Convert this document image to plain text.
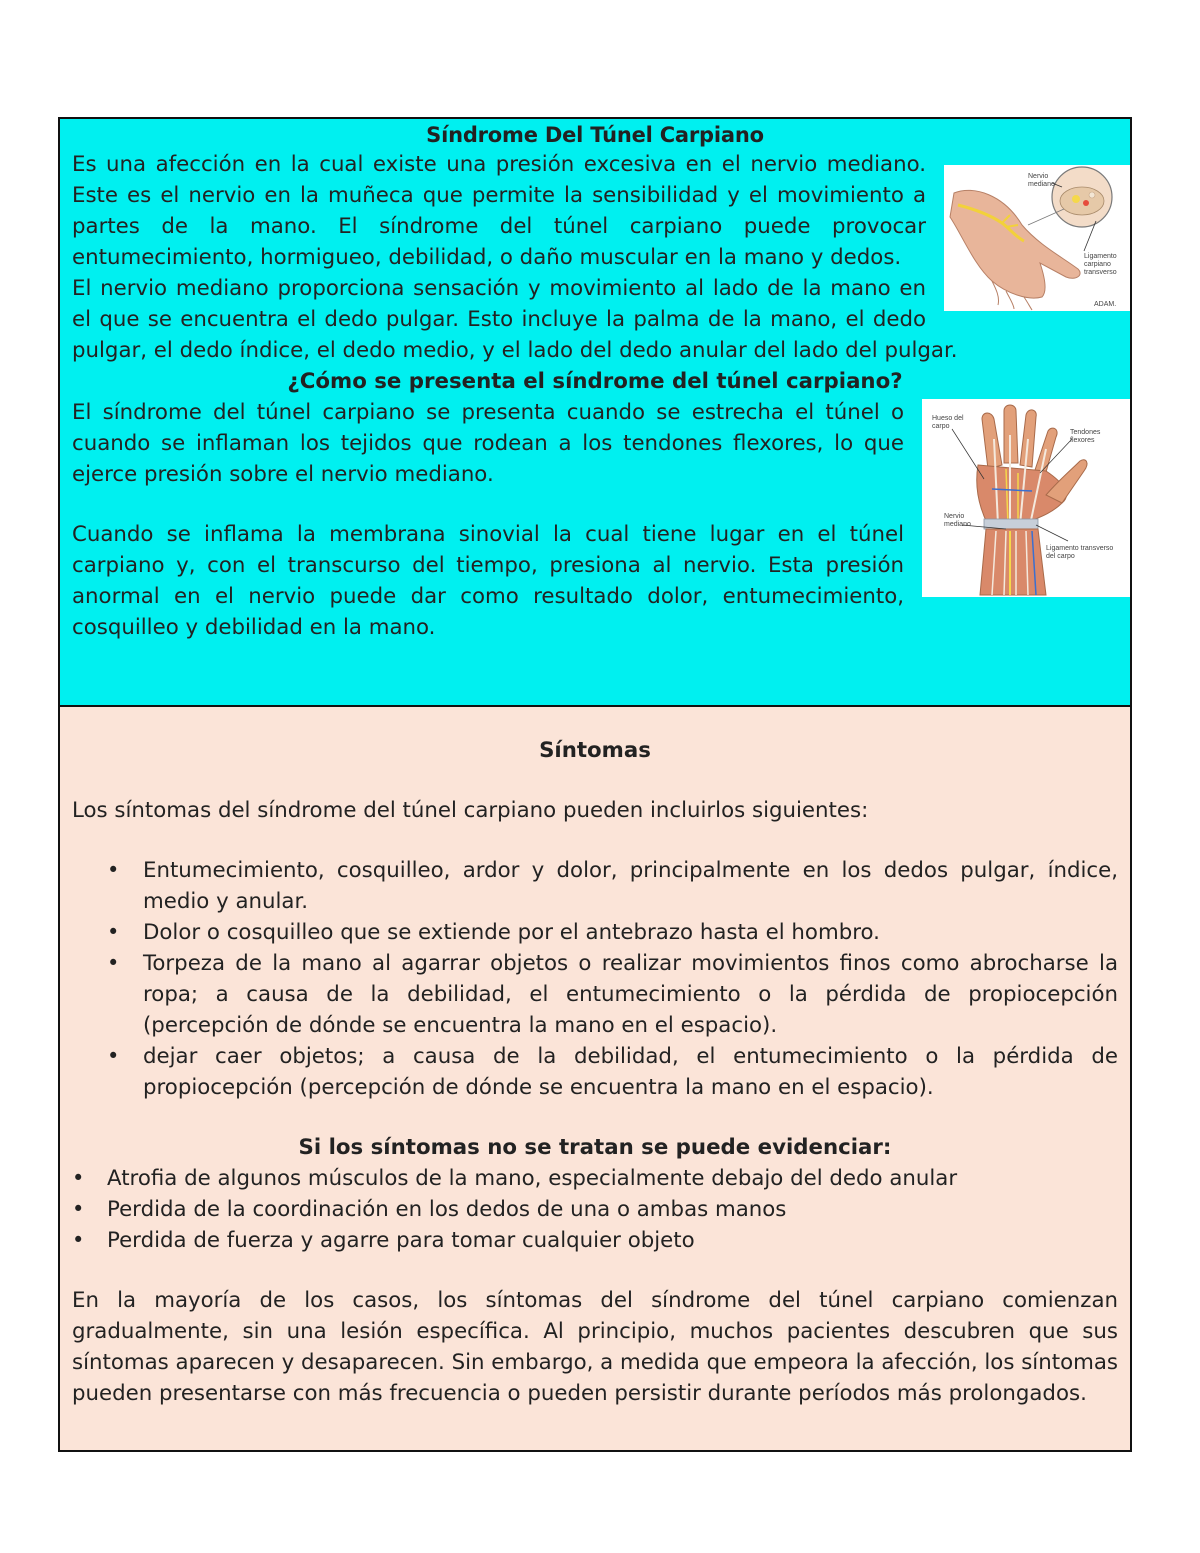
Síndrome Del Túnel Carpiano
Nervio mediano
Ligamento carpiano transverso
ADAM.

Es una afección en la cual existe una presión excesiva en el nervio mediano. Este es el nervio en la muñeca que permite la sensibilidad y el movimiento a partes de la mano. El síndrome del túnel carpiano puede provocar entumecimiento, hormigueo, debilidad, o daño muscular en la mano y dedos.

El nervio mediano proporciona sensación y movimiento al lado de la mano en el que se encuentra el dedo pulgar. Esto incluye la palma de la mano, el dedo pulgar, el dedo índice, el dedo medio, y el lado del dedo anular del lado del pulgar.

¿Cómo se presenta el síndrome del túnel carpiano?
Hueso del carpo
Tendones flexores
Nervio mediano
Ligamento transverso del carpo

El síndrome del túnel carpiano se presenta cuando se estrecha el túnel o cuando se inflaman los tejidos que rodean a los tendones flexores, lo que ejerce presión sobre el nervio mediano.

Cuando se inflama la membrana sinovial la cual tiene lugar en el túnel carpiano y, con el transcurso del tiempo, presiona al nervio. Esta presión anormal en el nervio puede dar como resultado dolor, entumecimiento, cosquilleo y debilidad en la mano.

Síntomas

Los síntomas del síndrome del túnel carpiano pueden incluirlos siguientes:

• Entumecimiento, cosquilleo, ardor y dolor, principalmente en los dedos pulgar, índice, medio y anular.
• Dolor o cosquilleo que se extiende por el antebrazo hasta el hombro.
• Torpeza de la mano al agarrar objetos o realizar movimientos finos como abrocharse la ropa; a causa de la debilidad, el entumecimiento o la pérdida de propiocepción (percepción de dónde se encuentra la mano en el espacio).
• dejar caer objetos; a causa de la debilidad, el entumecimiento o la pérdida de propiocepción (percepción de dónde se encuentra la mano en el espacio).
Si los síntomas no se tratan se puede evidenciar:
• Atrofia de algunos músculos de la mano, especialmente debajo del dedo anular
• Perdida de la coordinación en los dedos de una o ambas manos
• Perdida de fuerza y agarre para tomar cualquier objeto

En la mayoría de los casos, los síntomas del síndrome del túnel carpiano comienzan gradualmente, sin una lesión específica. Al principio, muchos pacientes descubren que sus síntomas aparecen y desaparecen. Sin embargo, a medida que empeora la afección, los síntomas pueden presentarse con más frecuencia o pueden persistir durante períodos más prolongados.
